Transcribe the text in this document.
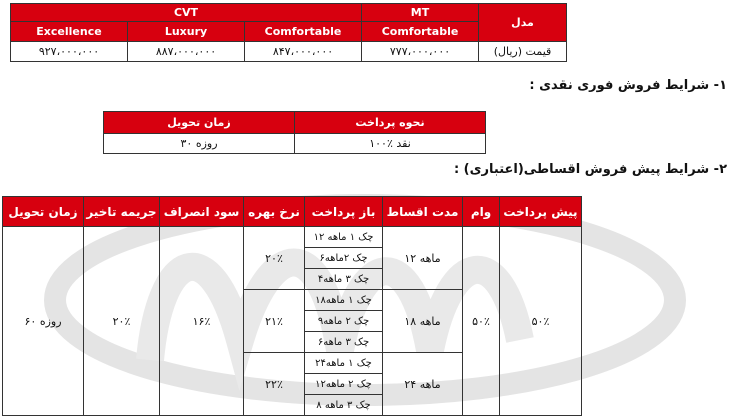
CVT			MT	مدل
Excellence	Luxury	Comfortable	Comfortable	
۹۲۷،۰۰۰،۰۰۰	۸۸۷،۰۰۰،۰۰۰	۸۴۷،۰۰۰،۰۰۰	۷۷۷،۰۰۰،۰۰۰	قیمت (ریال)
۱- شرایط فروش فوری نقدی :
زمان تحویل	نحوه پرداخت
۳۰ روزه	۱۰۰٪ نقد
۲- شرایط پیش فروش اقساطی(اعتباری) :
زمان تحویل	جریمه تاخیر	سود انصراف	نرخ بهره	باز پرداخت	مدت اقساط	وام	پیش پرداخت
۶۰ روزه	۲۰٪	۱۶٪	۲۰٪	۱۲ چک ۱ ماهه	۱۲ ماهه	۵۰٪	۵۰٪
				۶چک ۲ماهه			
				۴چک ۳ ماهه			
			۲۱٪	۱۸چک ۱ ماهه	۱۸ ماهه		
				۹چک ۲ ماهه			
				۶چک ۳ ماهه			
			۲۲٪	۲۴چک ۱ ماهه	۲۴ ماهه		
				۱۲چک ۲ ماهه			
				۸ چک ۳ ماهه			
